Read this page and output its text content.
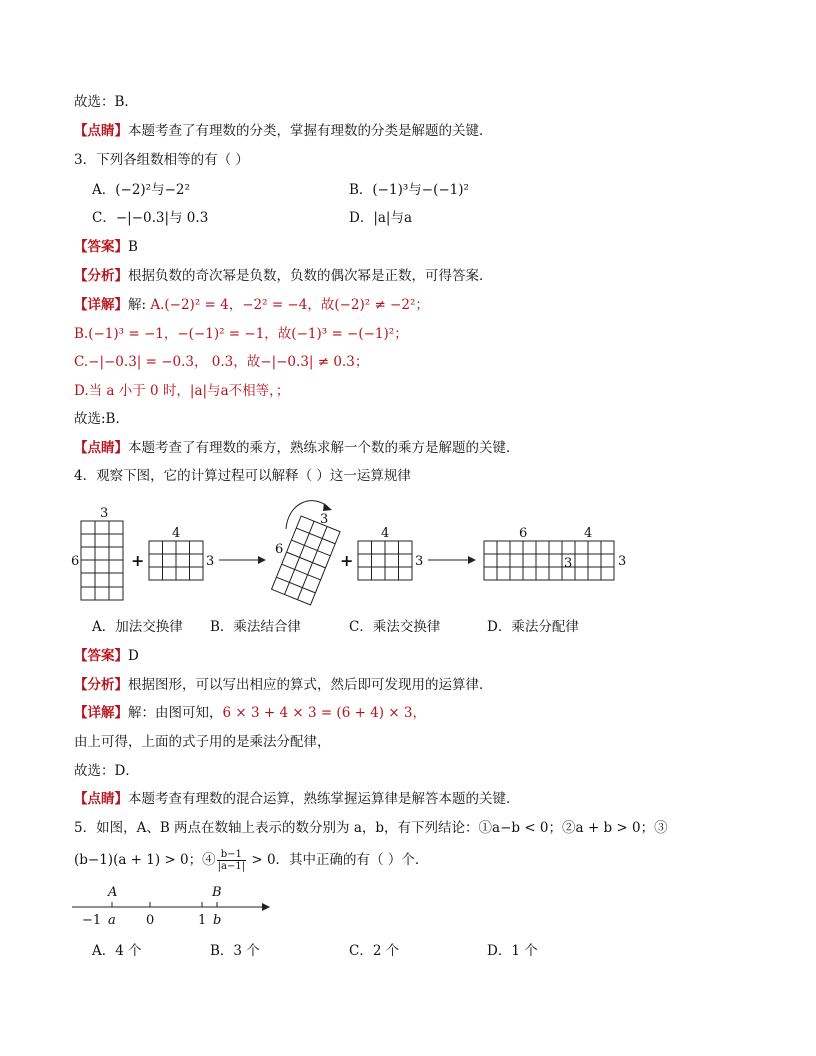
故选：B．
【点睛】本题考查了有理数的分类，掌握有理数的分类是解题的关键．
3．下列各组数相等的有（ ）
A．(−2)²与−2²	B．(−1)³与−(−1)²
C．−|−0.3|与 0.3	D．|a|与a
【答案】B
【分析】根据负数的奇次幂是负数，负数的偶次幂是正数，可得答案．
【详解】解: A.(−2)² = 4，−2² = −4，故(−2)² ≠ −2²；
B.(−1)³ = −1，−(−1)² = −1，故(−1)³ = −(−1)²；
C.−|−0.3| = −0.3， 0.3，故−|−0.3| ≠ 0.3；
D.当 a 小于 0 时，|a|与a不相等，；
故选:B．
【点睛】本题考查了有理数的乘方，熟练求解一个数的乘方是解题的关键．
4．观察下图，它的计算过程可以解释（ ）这一运算规律
3
6	+
4
3
3
6
+
4
3
6	4
3	3
A．加法交换律 B．乘法结合律	C．乘法交换律	D．乘法分配律
【答案】D
【分析】根据图形，可以写出相应的算式，然后即可发现用的运算律．
【详解】解：由图可知，6 × 3 + 4 × 3 = (6 + 4) × 3，
由上可得，上面的式子用的是乘法分配律，
故选：D．
【点睛】本题考查有理数的混合运算，熟练掌握运算律是解答本题的关键．
5．如图，A、B 两点在数轴上表示的数分别为 a，b，有下列结论：①a−b < 0；②a + b > 0；③
(b−1)(a + 1) > 0；④ $\frac{b-1}{|a-1|} > 0$．其中正确的有（ ）个．
A	B
−1 a 0	1 b
A．4 个	B．3 个	C．2 个	D．1 个
